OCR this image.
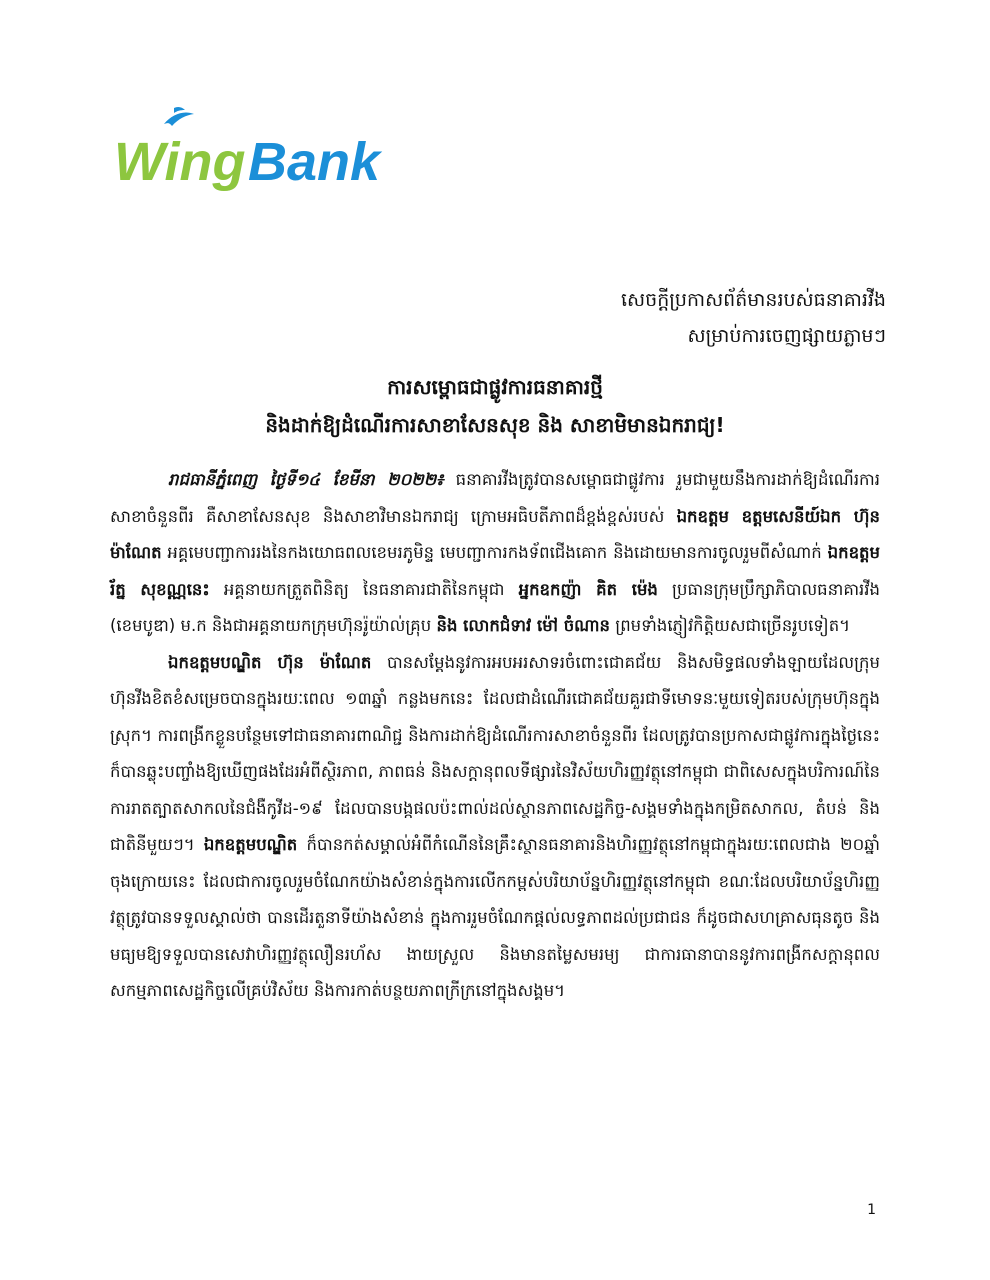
Wing Bank
សេចក្តីប្រកាសព័ត៌មានរបស់ធនាគារវីង
សម្រាប់ការចេញផ្សាយភ្លាមៗ
ការសម្ពោធជាផ្លូវការធនាគារថ្មី
និងដាក់ឱ្យដំណើរការសាខាសែនសុខ និង សាខាមិមានឯករាជ្យ!

រាជធានីភ្នំពេញ ថ្ងៃទី១៤ ខែមីនា ២០២២៖ ធនាគារវីងត្រូវបានសម្ពោធជាផ្លូវការ រួមជាមួយនឹងការដាក់ឱ្យដំណើរការសាខាចំនួនពីរ គឺសាខាសែនសុខ និងសាខាវិមានឯករាជ្យ ក្រោមអធិបតីភាពដ៏ខ្ពង់ខ្ពស់របស់ ឯកឧត្តម ឧត្តមសេនីយ៍ឯក ហ៊ុន ម៉ាណែត អគ្គមេបញ្ជាការរងនៃកងយោធពលខេមរភូមិន្ទ មេបញ្ជាការកងទ័ពជើងគោក និងដោយមានការចូលរួមពីសំណាក់ ឯកឧត្តម រ័ត្ន សុខណ្ណនេះ អគ្គនាយកត្រួតពិនិត្យ នៃធនាគារជាតិនៃកម្ពុជា អ្នកឧកញ៉ា គិត ម៉េង ប្រធានក្រុមប្រឹក្សាភិបាលធនាគារវីង (ខេមបូឌា) ម.ក និងជាអគ្គនាយកក្រុមហ៊ុនរ៉ូយ៉ាល់គ្រុប និង លោកជំទាវ ម៉ៅ ចំណាន ព្រមទាំងភ្ញៀវកិត្តិយសជាច្រើនរូបទៀត។

ឯកឧត្តមបណ្ឌិត ហ៊ុន ម៉ាណែត បានសម្ដែងនូវការអបអរសាទរចំពោះជោគជ័យ និងសមិទ្ធផលទាំងឡាយដែលក្រុមហ៊ុនវីងខិតខំសម្រេចបានក្នុងរយៈពេល ១៣ឆ្នាំ កន្លងមកនេះ ដែលជាដំណើរជោគជ័យគួរជាទីមោទនៈមួយទៀតរបស់ក្រុមហ៊ុនក្នុងស្រុក។ ការពង្រីកខ្លួនបន្ថែមទៅជាធនាគារពាណិជ្ជ និងការដាក់ឱ្យដំណើរការសាខាចំនួនពីរ ដែលត្រូវបានប្រកាសជាផ្លូវការក្នុងថ្ងៃនេះ ក៏បានឆ្លុះបញ្ចាំងឱ្យឃើញផងដែរអំពីស្ថិរភាព, ភាពធន់ និងសក្តានុពលទីផ្សារនៃវិស័យហិរញ្ញវត្ថុនៅកម្ពុជា ជាពិសេសក្នុងបរិការណ៍នៃការរាតត្បាតសាកលនៃជំងឺកូវីដ-១៩ ដែលបានបង្កផលប៉ះពាល់ដល់ស្ថានភាពសេដ្ឋកិច្ច-សង្គមទាំងក្នុងកម្រិតសាកល, តំបន់ និងជាតិនីមួយៗ។ ឯកឧត្តមបណ្ឌិត ក៏បានកត់សម្គាល់អំពីកំណើននៃគ្រឹះស្ថានធនាគារនិងហិរញ្ញវត្ថុនៅកម្ពុជាក្នុងរយៈពេលជាង ២០ឆ្នាំ ចុងក្រោយនេះ ដែលជាការចូលរួមចំណែកយ៉ាងសំខាន់ក្នុងការលើកកម្ពស់បរិយាប័ន្នហិរញ្ញវត្ថុនៅកម្ពុជា ខណៈដែលបរិយាប័ន្នហិរញ្ញវត្ថុត្រូវបានទទួលស្គាល់ថា បានដើរតួនាទីយ៉ាងសំខាន់ ក្នុងការរួមចំណែកផ្តល់លទ្ធភាពដល់ប្រជាជន ក៏ដូចជាសហគ្រាសធុនតូច និងមធ្យមឱ្យទទួលបានសេវាហិរញ្ញវត្ថុលឿនរហ័ស ងាយស្រួល និងមានតម្លៃសមរម្យ ជាការធានាបាននូវការពង្រីកសក្តានុពលសកម្មភាពសេដ្ឋកិច្ចលើគ្រប់វិស័យ និងការកាត់បន្ថយភាពក្រីក្រនៅក្នុងសង្គម។

1
